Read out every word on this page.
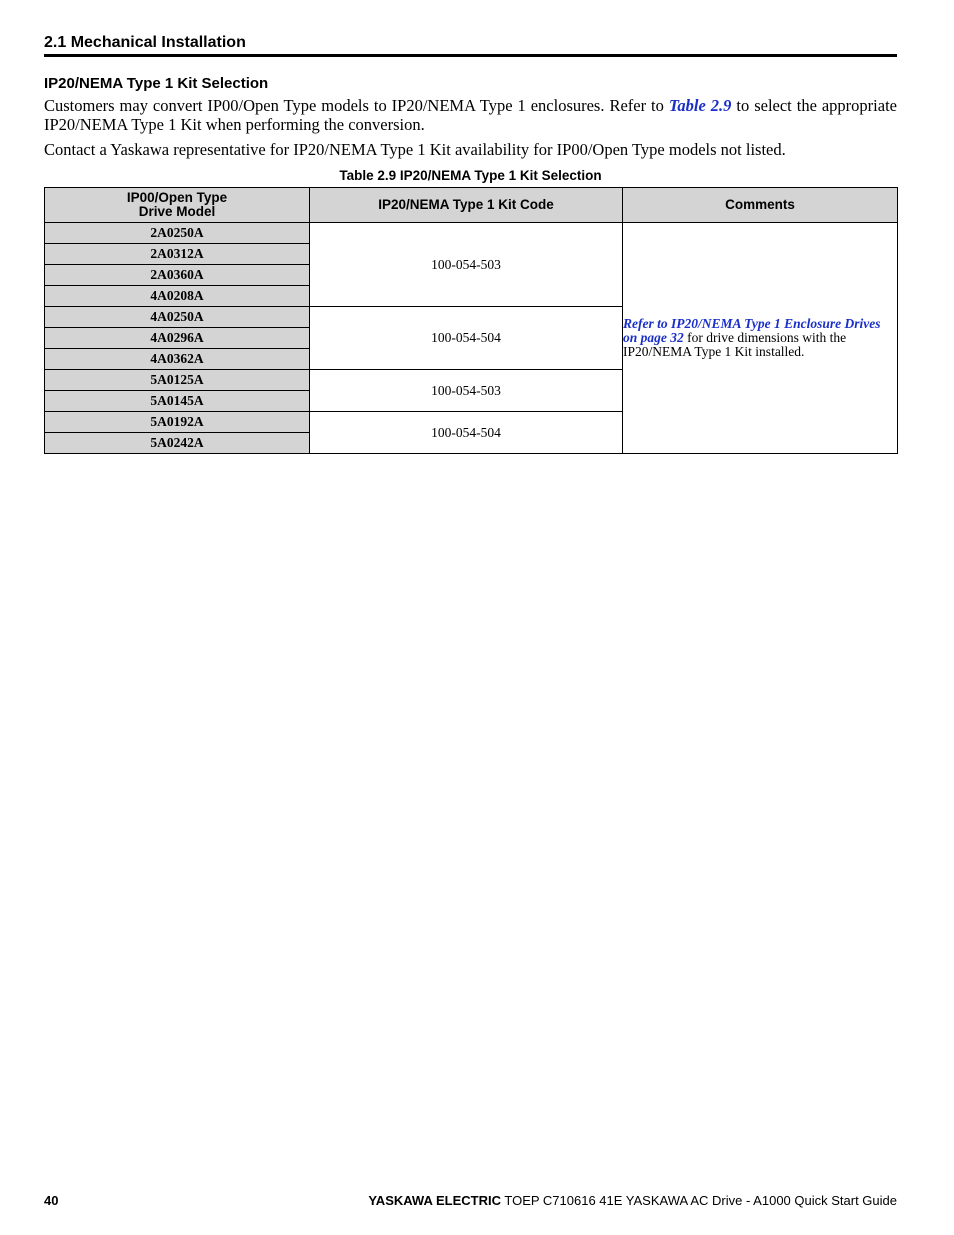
2.1 Mechanical Installation
IP20/NEMA Type 1 Kit Selection
Customers may convert IP00/Open Type models to IP20/NEMA Type 1 enclosures. Refer to Table 2.9 to select the appropriate IP20/NEMA Type 1 Kit when performing the conversion.
Contact a Yaskawa representative for IP20/NEMA Type 1 Kit availability for IP00/Open Type models not listed.
Table 2.9 IP20/NEMA Type 1 Kit Selection
IP00/Open Type
Drive Model	IP20/NEMA Type 1 Kit Code	Comments
2A0250A	100-054-503	Refer to IP20/NEMA Type 1 Enclosure Drives on page 32 for drive dimensions with the IP20/NEMA Type 1 Kit installed.
2A0312A		
2A0360A		
4A0208A		
4A0250A	100-054-504	
4A0296A		
4A0362A		
5A0125A	100-054-503	
5A0145A		
5A0192A	100-054-504	
5A0242A		
40	YASKAWA ELECTRIC TOEP C710616 41E YASKAWA AC Drive - A1000 Quick Start Guide
